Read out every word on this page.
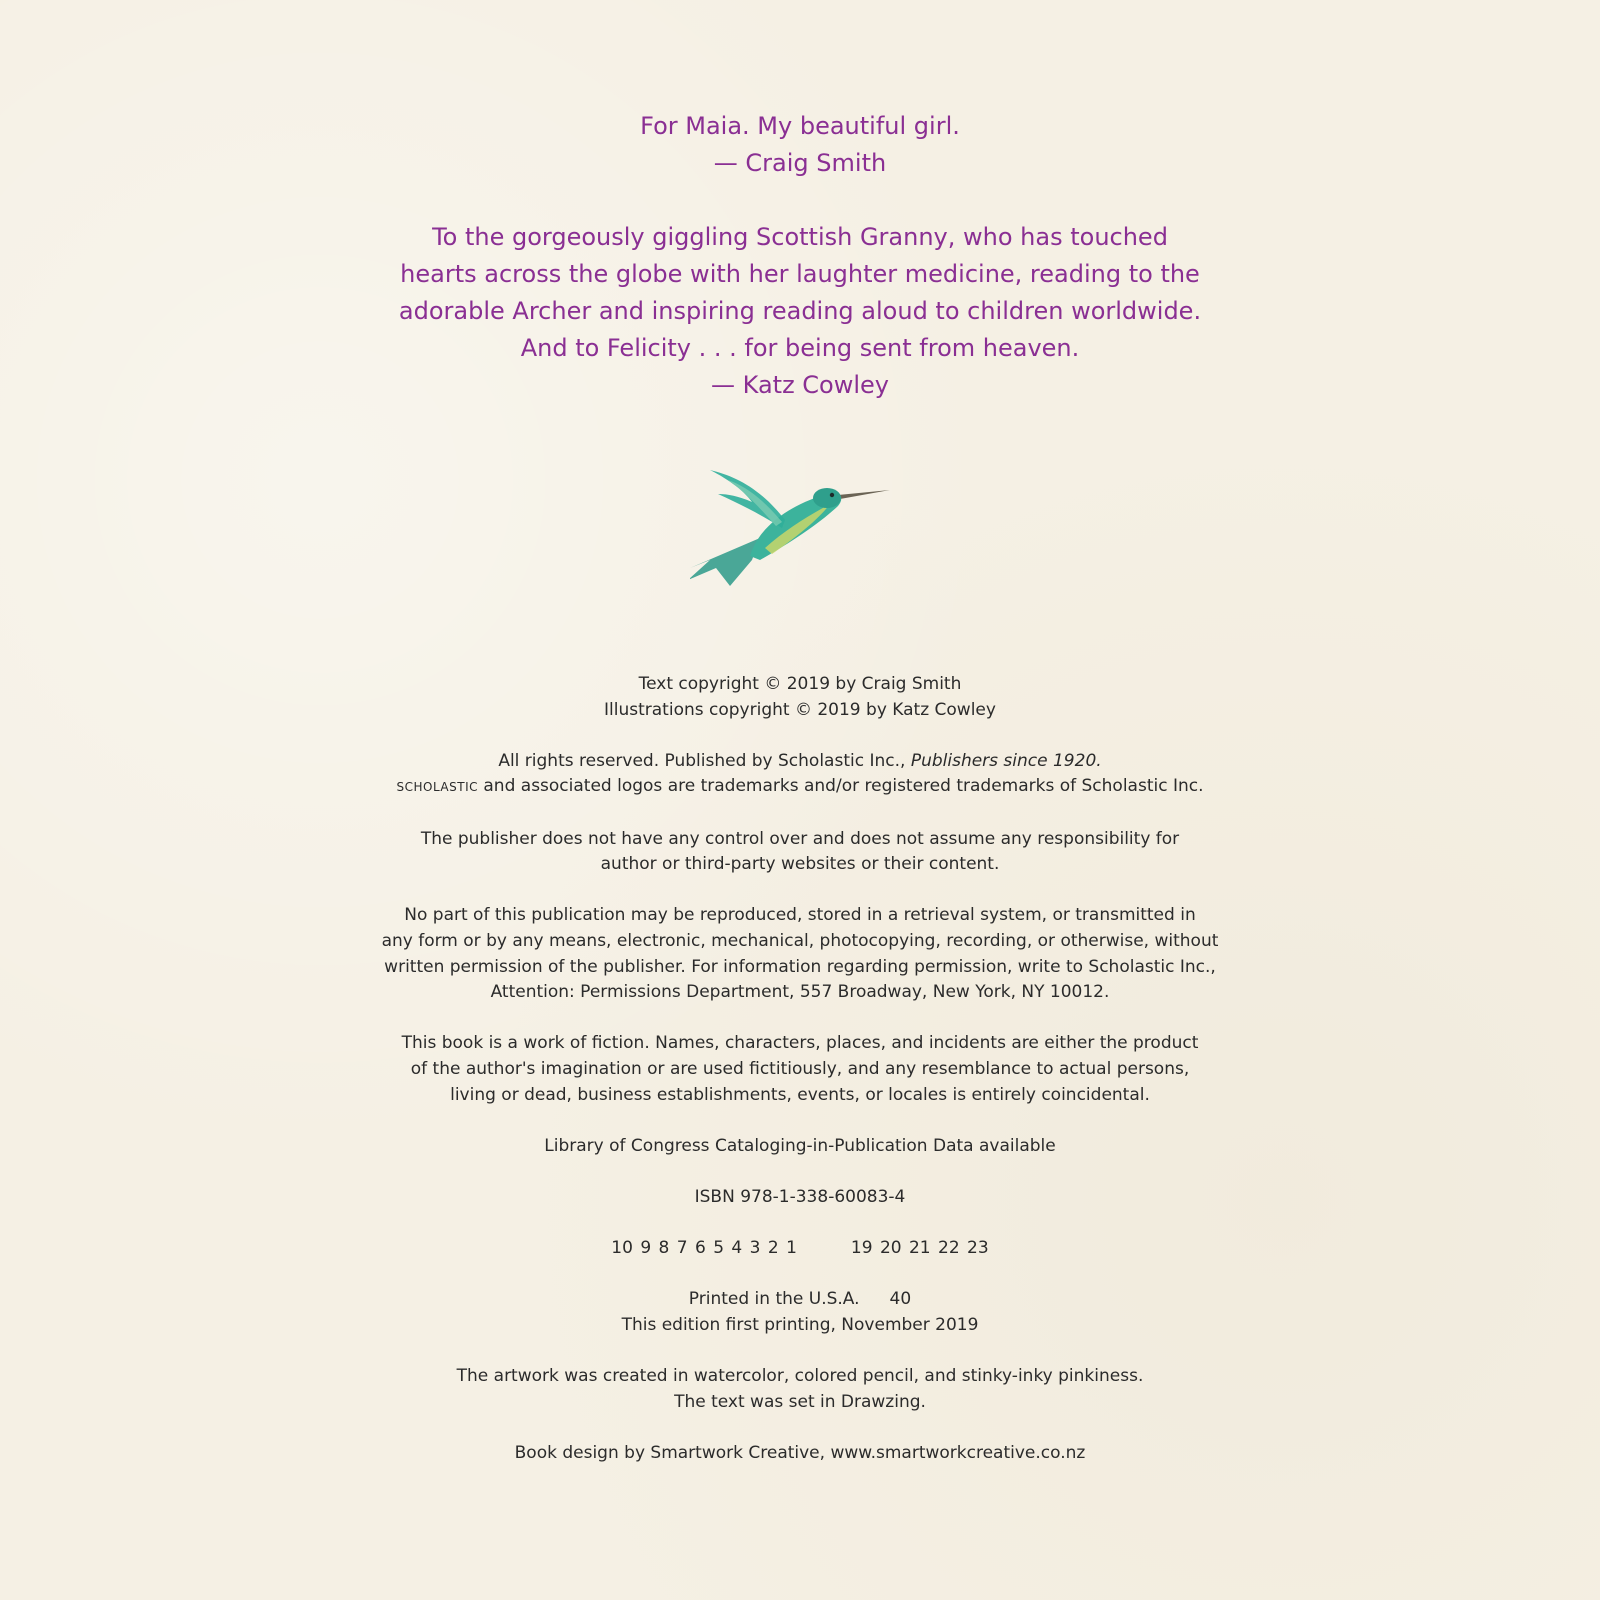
For Maia. My beautiful girl.
— Craig Smith
To the gorgeously giggling Scottish Granny, who has touched
hearts across the globe with her laughter medicine, reading to the
adorable Archer and inspiring reading aloud to children worldwide.
And to Felicity . . . for being sent from heaven.
— Katz Cowley
Text copyright © 2019 by Craig Smith
Illustrations copyright © 2019 by Katz Cowley
All rights reserved. Published by Scholastic Inc., Publishers since 1920.
SCHOLASTIC and associated logos are trademarks and/or registered trademarks of Scholastic Inc.
The publisher does not have any control over and does not assume any responsibility for
author or third-party websites or their content.
No part of this publication may be reproduced, stored in a retrieval system, or transmitted in
any form or by any means, electronic, mechanical, photocopying, recording, or otherwise, without
written permission of the publisher. For information regarding permission, write to Scholastic Inc.,
Attention: Permissions Department, 557 Broadway, New York, NY 10012.
This book is a work of fiction. Names, characters, places, and incidents are either the product
of the author's imagination or are used fictitiously, and any resemblance to actual persons,
living or dead, business establishments, events, or locales is entirely coincidental.
Library of Congress Cataloging-in-Publication Data available
ISBN 978-1-338-60083-4
10 9 8 7 6 5 4 3 2 1	19 20 21 22 23
Printed in the U.S.A. 40
This edition first printing, November 2019
The artwork was created in watercolor, colored pencil, and stinky-inky pinkiness.
The text was set in Drawzing.
Book design by Smartwork Creative, www.smartworkcreative.co.nz
